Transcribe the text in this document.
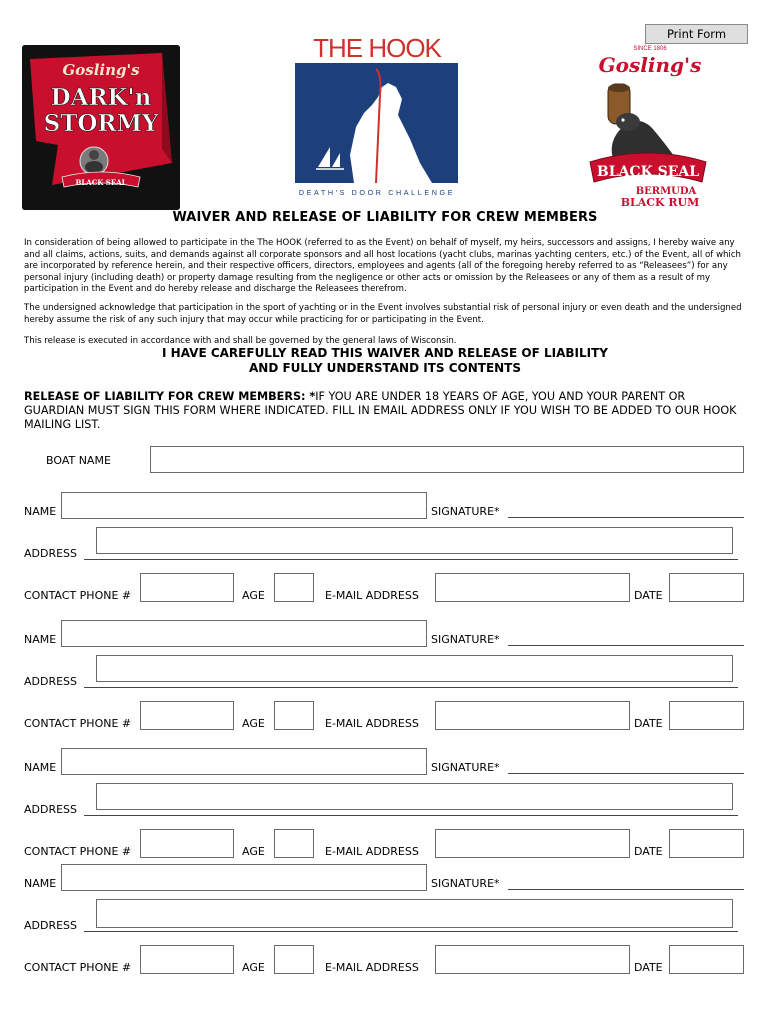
Print Form
Gosling's
DARK'n
STORMY
BLACK SEAL
THE HOOK
DEATH'S DOOR CHALLENGE
SINCE 1806
Gosling's
BLACK SEAL
BERMUDA
BLACK RUM
WAIVER AND RELEASE OF LIABILITY FOR CREW MEMBERS
In consideration of being allowed to participate in the The HOOK (referred to as the Event) on behalf of myself, my heirs, successors and assigns, I hereby waive any and all claims, actions, suits, and demands against all corporate sponsors and all host locations (yacht clubs, marinas yachting centers, etc.) of the Event, all of which are incorporated by reference herein, and their respective officers, directors, employees and agents (all of the foregoing hereby referred to as “Releasees”) for any personal injury (including death) or property damage resulting from the negligence or other acts or omission by the Releasees or any of them as a result of my participation in the Event and do hereby release and discharge the Releasees therefrom.
The undersigned acknowledge that participation in the sport of yachting or in the Event involves substantial risk of personal injury or even death and the undersigned hereby assume the risk of any such injury that may occur while practicing for or participating in the Event.
This release is executed in accordance with and shall be governed by the general laws of Wisconsin.
I HAVE CAREFULLY READ THIS WAIVER AND RELEASE OF LIABILITY
AND FULLY UNDERSTAND ITS CONTENTS
RELEASE OF LIABILITY FOR CREW MEMBERS: *IF YOU ARE UNDER 18 YEARS OF AGE, YOU AND YOUR PARENT OR GUARDIAN MUST SIGN THIS FORM WHERE INDICATED. FILL IN EMAIL ADDRESS ONLY IF YOU WISH TO BE ADDED TO OUR HOOK MAILING LIST.
BOAT NAME
NAME	SIGNATURE*
ADDRESS
CONTACT PHONE #	AGE	E-MAIL ADDRESS	DATE
NAME	SIGNATURE*
ADDRESS
CONTACT PHONE #	AGE	E-MAIL ADDRESS	DATE
NAME	SIGNATURE*
ADDRESS
CONTACT PHONE #	AGE	E-MAIL ADDRESS	DATE
NAME	SIGNATURE*
ADDRESS
CONTACT PHONE #	AGE	E-MAIL ADDRESS	DATE
